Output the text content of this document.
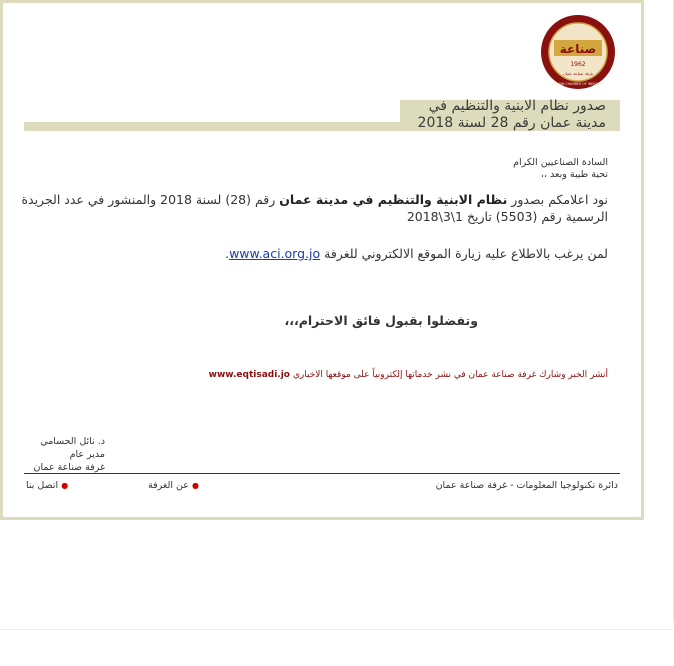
صناعة
1962
غرفة صناعة عمان
AMMAN CHAMBER OF INDUSTRY
صدور نظام الابنية والتنظيم في
مدينة عمان رقم 28 لسنة 2018
السادة الصناعيين الكرام
تحية طيبة وبعد ،،
نود اعلامكم بصدور نظام الابنية والتنظيم في مدينة عمان رقم (28) لسنة 2018 والمنشور في عدد الجريدة الرسمية رقم (5503) تاريخ 1\3\2018
لمن يرغب بالاطلاع عليه زيارة الموقع الالكتروني للغرفة www.aci.org.jo.
وتفضلوا بقبول فائق الاحترام،،،
أنشر الخبر وشارك غرفة صناعة عمان في نشر خدماتها إلكترونياً على موقعها الاخباري www.eqtisadi.jo
د. نائل الحسامي
مدير عام
غرفة صناعة عمان
دائرة تكنولوجيا المعلومات - غرفة صناعة عمان
● عن الغرفة
● اتصل بنا
